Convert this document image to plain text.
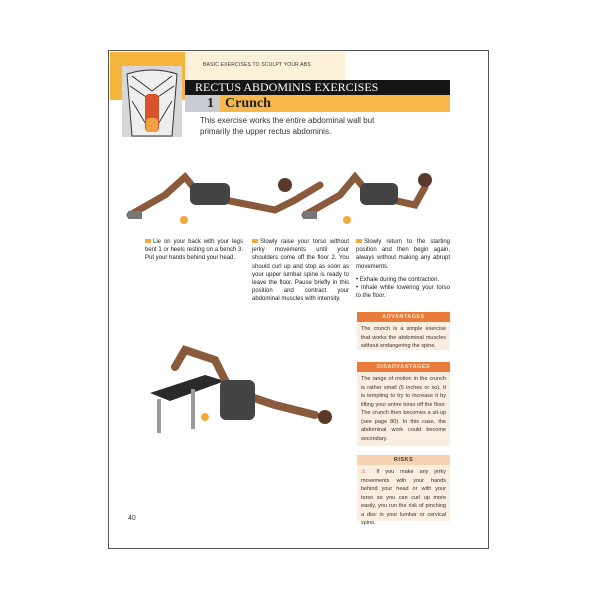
BASIC EXERCISES TO SCULPT YOUR ABS
RECTUS ABDOMINIS EXERCISES
1 Crunch
This exercise works the entire abdominal wall but primarily the upper rectus abdominis.
Lie on your back with your legs bent 1 or heels resting on a bench 3. Put your hands behind your head.
Slowly raise your torso without jerky movements until your shoulders come off the floor 2. You should curl up and stop as soon as your upper lumbar spine is ready to leave the floor. Pause briefly in this position and contract your abdominal muscles with intensity.
Slowly return to the starting position and then begin again, always without making any abrupt movements.
• Exhale during the contraction.
• Inhale while lowering your torso to the floor.
ADVANTAGES
The crunch is a simple exercise that works the abdominal muscles without endangering the spine.
DISADVANTAGES
The range of motion in the crunch is rather small (6 inches or so). It is tempting to try to increase it by lifting your entire torso off the floor. The crunch then becomes a sit-up (see page 80). In this case, the abdominal work could become secondary.
RISKS
⚠ If you make any jerky movements with your hands behind your head or with your torso so you can curl up more easily, you run the risk of pinching a disc in your lumbar or cervical spine.
40
